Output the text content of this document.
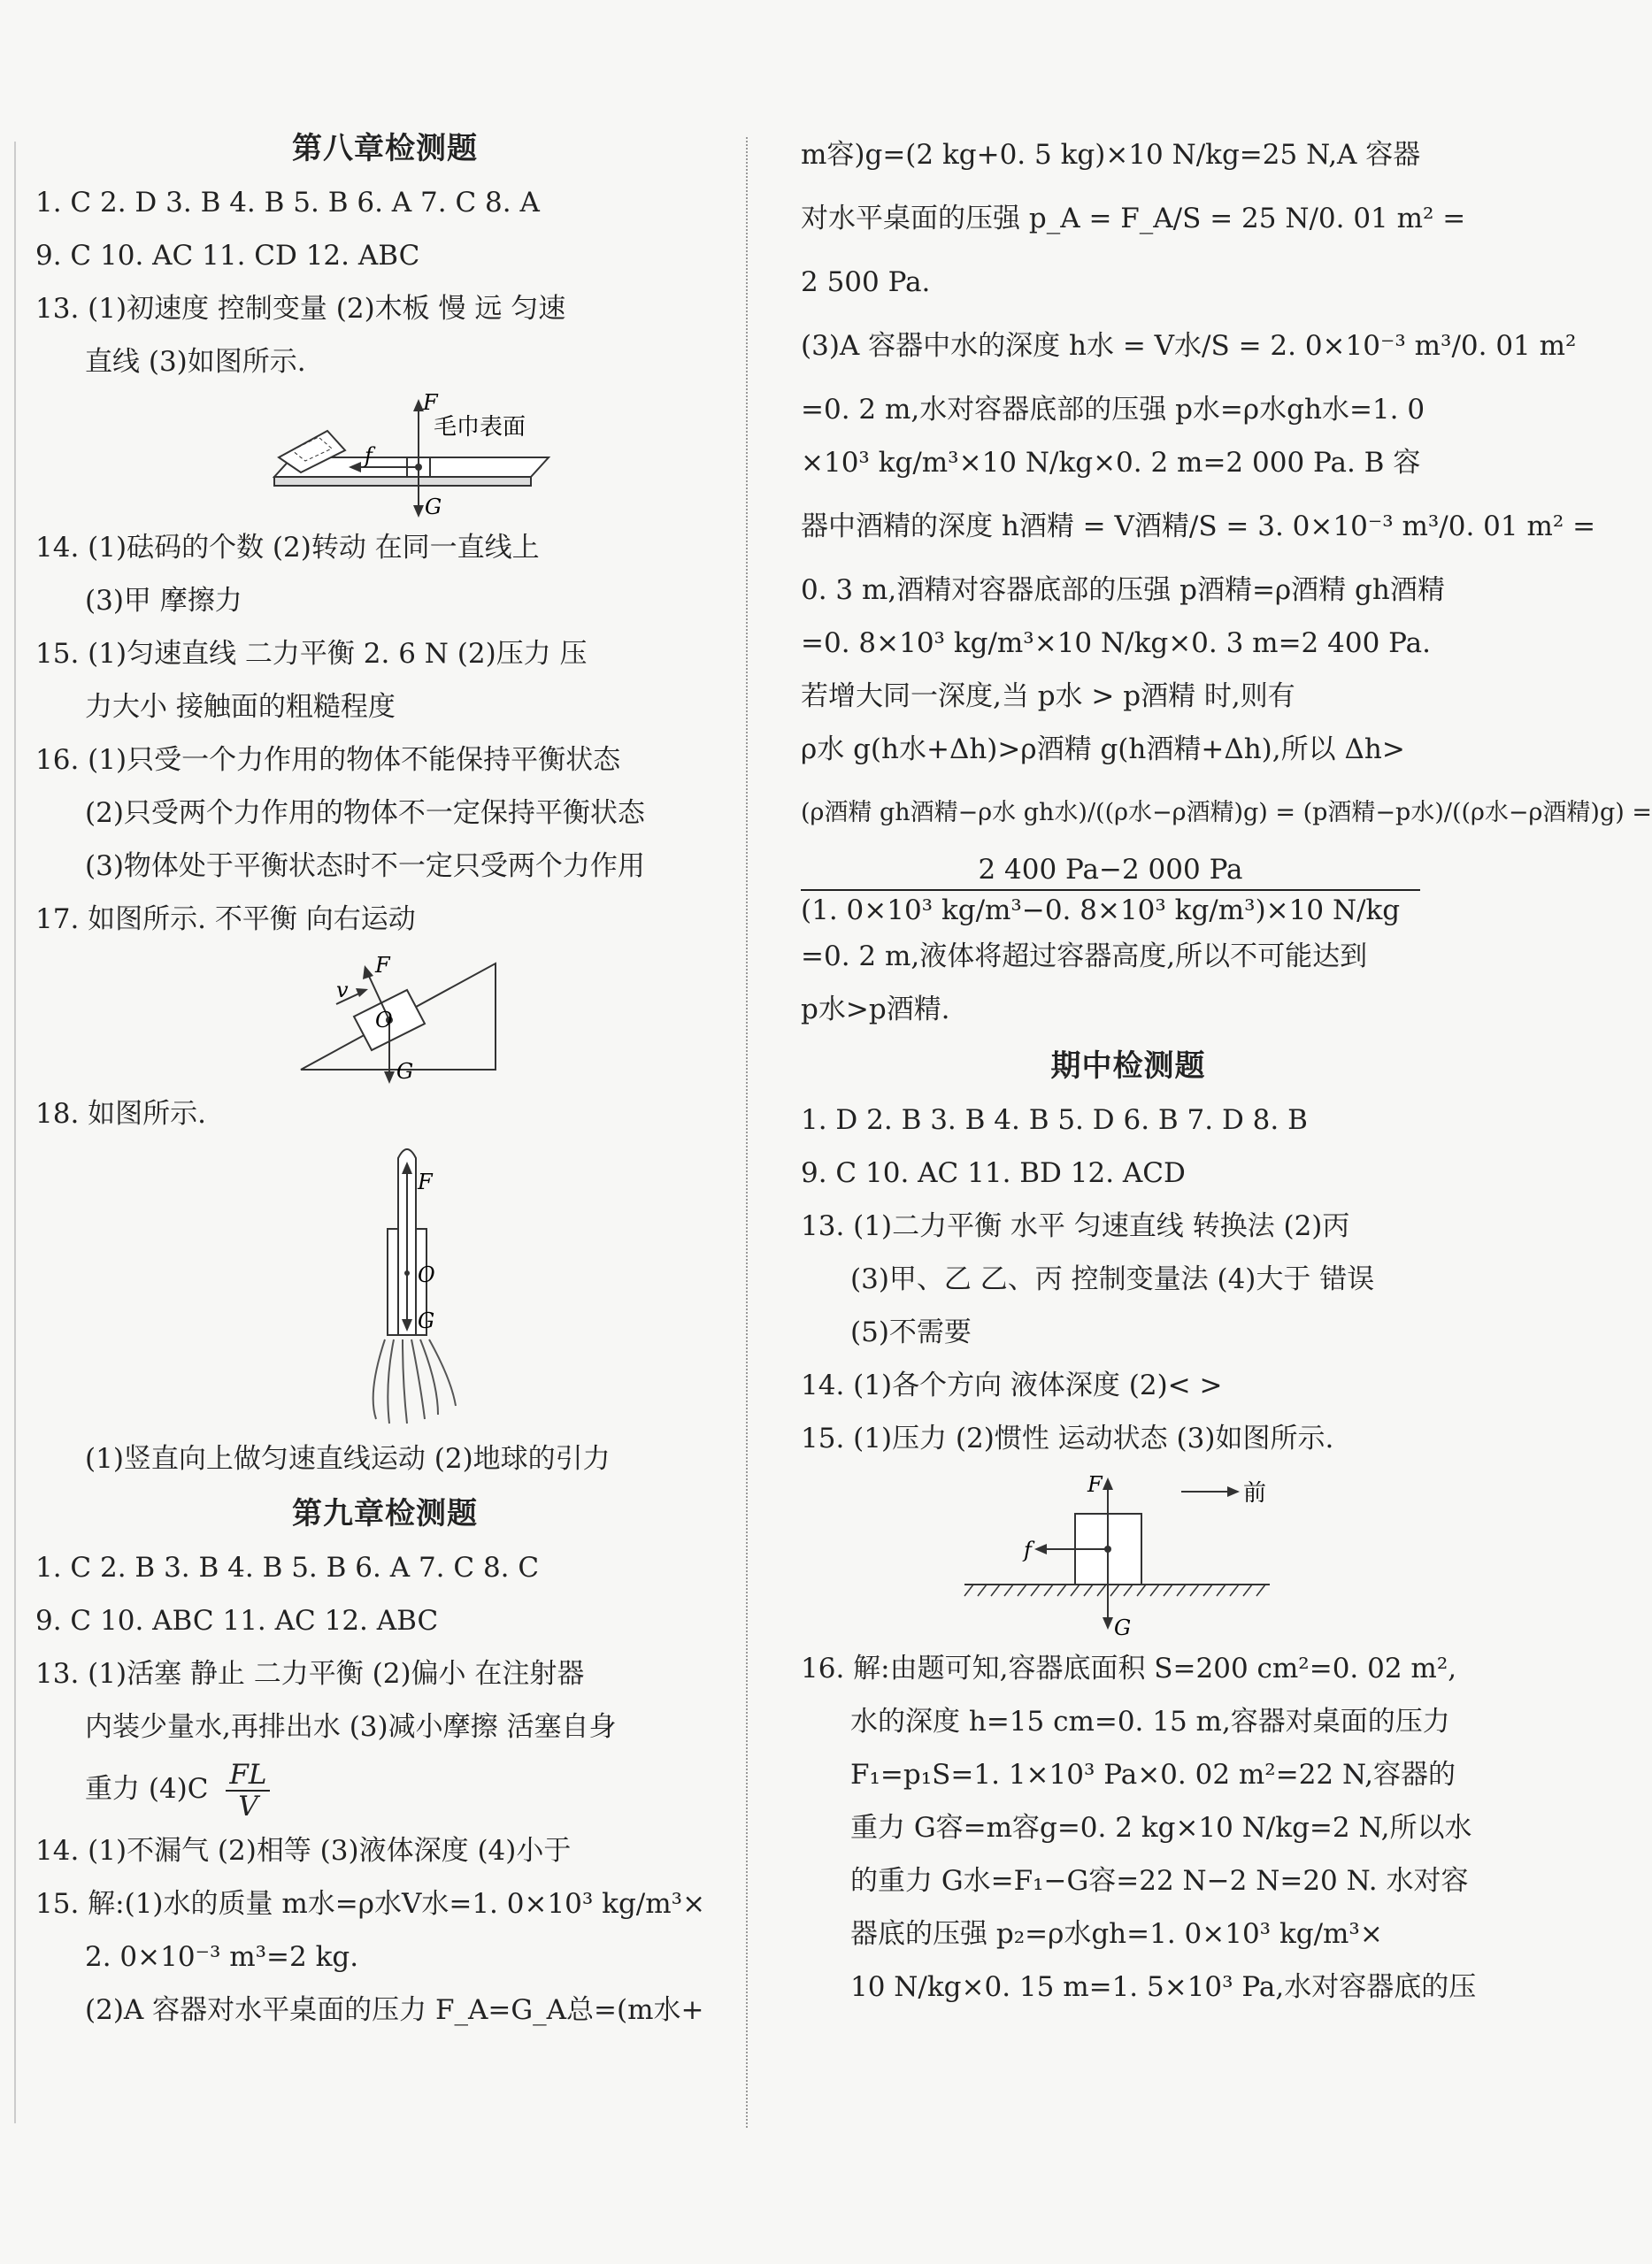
第八章检测题

1. C 2. D 3. B 4. B 5. B 6. A 7. C 8. A

9. C 10. AC 11. CD 12. ABC

13. (1)初速度 控制变量 (2)木板 慢 远 匀速

直线 (3)如图所示.

F
毛巾表面
f
G

14. (1)砝码的个数 (2)转动 在同一直线上

(3)甲 摩擦力

15. (1)匀速直线 二力平衡 2. 6 N (2)压力 压

力大小 接触面的粗糙程度

16. (1)只受一个力作用的物体不能保持平衡状态

(2)只受两个力作用的物体不一定保持平衡状态

(3)物体处于平衡状态时不一定只受两个力作用

17. 如图所示. 不平衡 向右运动

F
v
O
G

18. 如图所示.

F
O
G

(1)竖直向上做匀速直线运动 (2)地球的引力

第九章检测题

1. C 2. B 3. B 4. B 5. B 6. A 7. C 8. C

9. C 10. ABC 11. AC 12. ABC

13. (1)活塞 静止 二力平衡 (2)偏小 在注射器

内装少量水,再排出水 (3)减小摩擦 活塞自身

重力 $(4)C \frac{FL}{V}$

14. (1)不漏气 (2)相等 (3)液体深度 (4)小于

15. 解:(1)水的质量 m水=ρ水V水=1. 0×10³ kg/m³×

2. 0×10⁻³ m³=2 kg.

(2)A 容器对水平桌面的压力 F_A=G_A总=(m水+

m容)g=(2 kg+0. 5 kg)×10 N/kg=25 N,A 容器

对水平桌面的压强 p_A = F_A/S = 25 N/0. 01 m² =

2 500 Pa.

(3)A 容器中水的深度 h水 = V水/S = 2. 0×10⁻³ m³/0. 01 m²

=0. 2 m,水对容器底部的压强 p水=ρ水gh水=1. 0

×10³ kg/m³×10 N/kg×0. 2 m=2 000 Pa. B 容

器中酒精的深度 h酒精 = V酒精/S = 3. 0×10⁻³ m³/0. 01 m² =

0. 3 m,酒精对容器底部的压强 p酒精=ρ酒精 gh酒精

=0. 8×10³ kg/m³×10 N/kg×0. 3 m=2 400 Pa.

若增大同一深度,当 p水 > p酒精 时,则有

ρ水 g(h水+Δh)>ρ酒精 g(h酒精+Δh),所以 Δh>

(ρ酒精 gh酒精−ρ水 gh水)/((ρ水−ρ酒精)g) = (p酒精−p水)/((ρ水−ρ酒精)g) =

2 400 Pa−2 000 Pa

(1. 0×10³ kg/m³−0. 8×10³ kg/m³)×10 N/kg

=0. 2 m,液体将超过容器高度,所以不可能达到

p水>p酒精.

期中检测题

1. D 2. B 3. B 4. B 5. D 6. B 7. D 8. B

9. C 10. AC 11. BD 12. ACD

13. (1)二力平衡 水平 匀速直线 转换法 (2)丙

(3)甲、乙 乙、丙 控制变量法 (4)大于 错误

(5)不需要

14. (1)各个方向 液体深度 (2)< >

15. (1)压力 (2)惯性 运动状态 (3)如图所示.

F
f
G
前

16. 解:由题可知,容器底面积 S=200 cm²=0. 02 m²,

水的深度 h=15 cm=0. 15 m,容器对桌面的压力

F₁=p₁S=1. 1×10³ Pa×0. 02 m²=22 N,容器的

重力 G容=m容g=0. 2 kg×10 N/kg=2 N,所以水

的重力 G水=F₁−G容=22 N−2 N=20 N. 水对容

器底的压强 p₂=ρ水gh=1. 0×10³ kg/m³×

10 N/kg×0. 15 m=1. 5×10³ Pa,水对容器底的压
